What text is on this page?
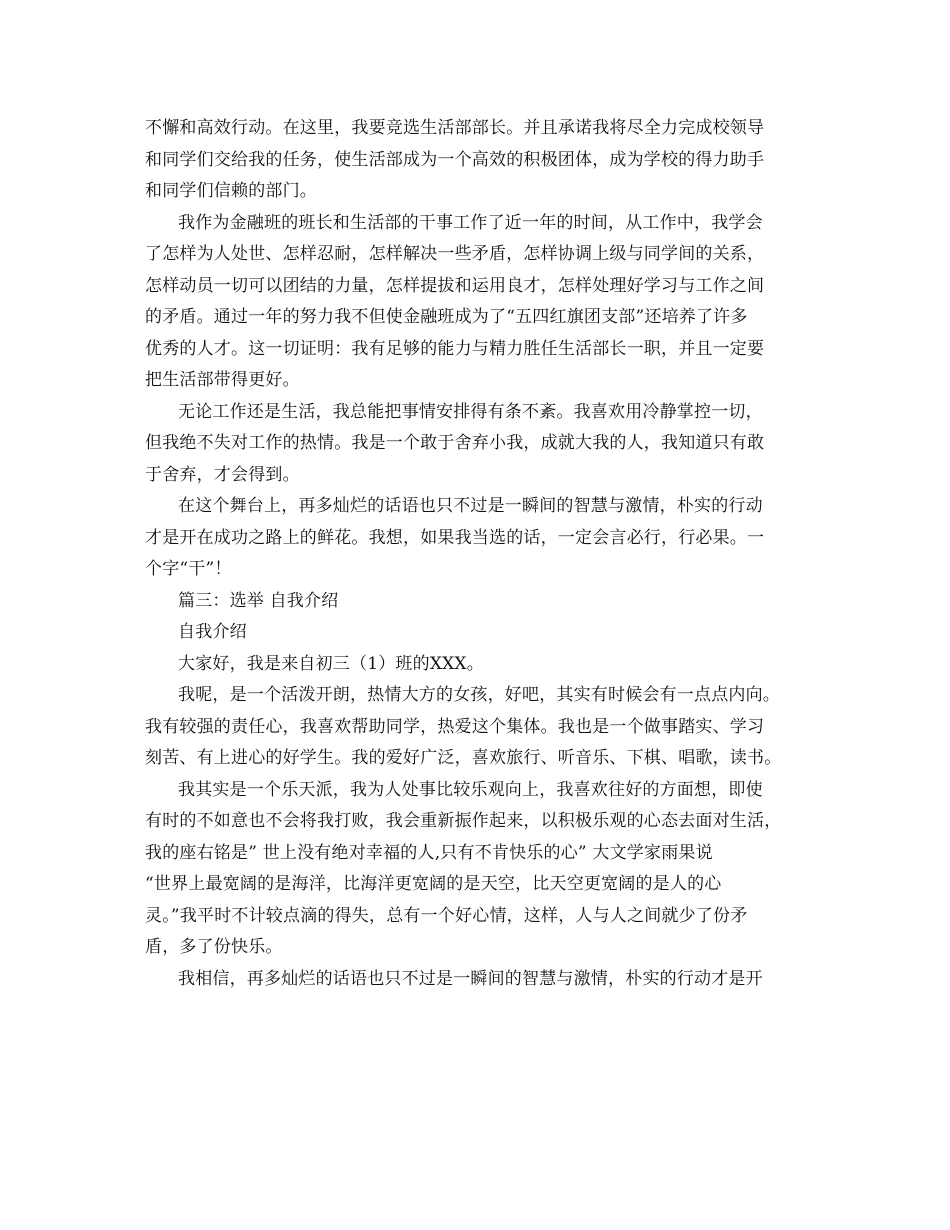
不懈和高效行动。在这里，我要竞选生活部部长。并且承诺我将尽全力完成校领导
和同学们交给我的任务，使生活部成为一个高效的积极团体，成为学校的得力助手
和同学们信赖的部门。
我作为金融班的班长和生活部的干事工作了近一年的时间，从工作中，我学会
了怎样为人处世、怎样忍耐，怎样解决一些矛盾，怎样协调上级与同学间的关系，
怎样动员一切可以团结的力量，怎样提拔和运用良才，怎样处理好学习与工作之间
的矛盾。通过一年的努力我不但使金融班成为了“五四红旗团支部”还培养了许多
优秀的人才。这一切证明：我有足够的能力与精力胜任生活部长一职，并且一定要
把生活部带得更好。
无论工作还是生活，我总能把事情安排得有条不紊。我喜欢用冷静掌控一切，
但我绝不失对工作的热情。我是一个敢于舍弃小我，成就大我的人，我知道只有敢
于舍弃，才会得到。
在这个舞台上，再多灿烂的话语也只不过是一瞬间的智慧与激情，朴实的行动
才是开在成功之路上的鲜花。我想，如果我当选的话，一定会言必行，行必果。一
个字“干”！
篇三：选举 自我介绍
自我介绍
大家好，我是来自初三（1）班的XXX。
我呢，是一个活泼开朗，热情大方的女孩，好吧，其实有时候会有一点点内向。
我有较强的责任心，我喜欢帮助同学，热爱这个集体。我也是一个做事踏实、学习
刻苦、有上进心的好学生。我的爱好广泛，喜欢旅行、听音乐、下棋、唱歌，读书。
我其实是一个乐天派，我为人处事比较乐观向上，我喜欢往好的方面想，即使
有时的不如意也不会将我打败，我会重新振作起来，以积极乐观的心态去面对生活，
我的座右铭是” 世上没有绝对幸福的人,只有不肯快乐的心” 大文学家雨果说
“世界上最宽阔的是海洋，比海洋更宽阔的是天空，比天空更宽阔的是人的心
灵。”我平时不计较点滴的得失，总有一个好心情，这样，人与人之间就少了份矛
盾，多了份快乐。
我相信，再多灿烂的话语也只不过是一瞬间的智慧与激情，朴实的行动才是开
